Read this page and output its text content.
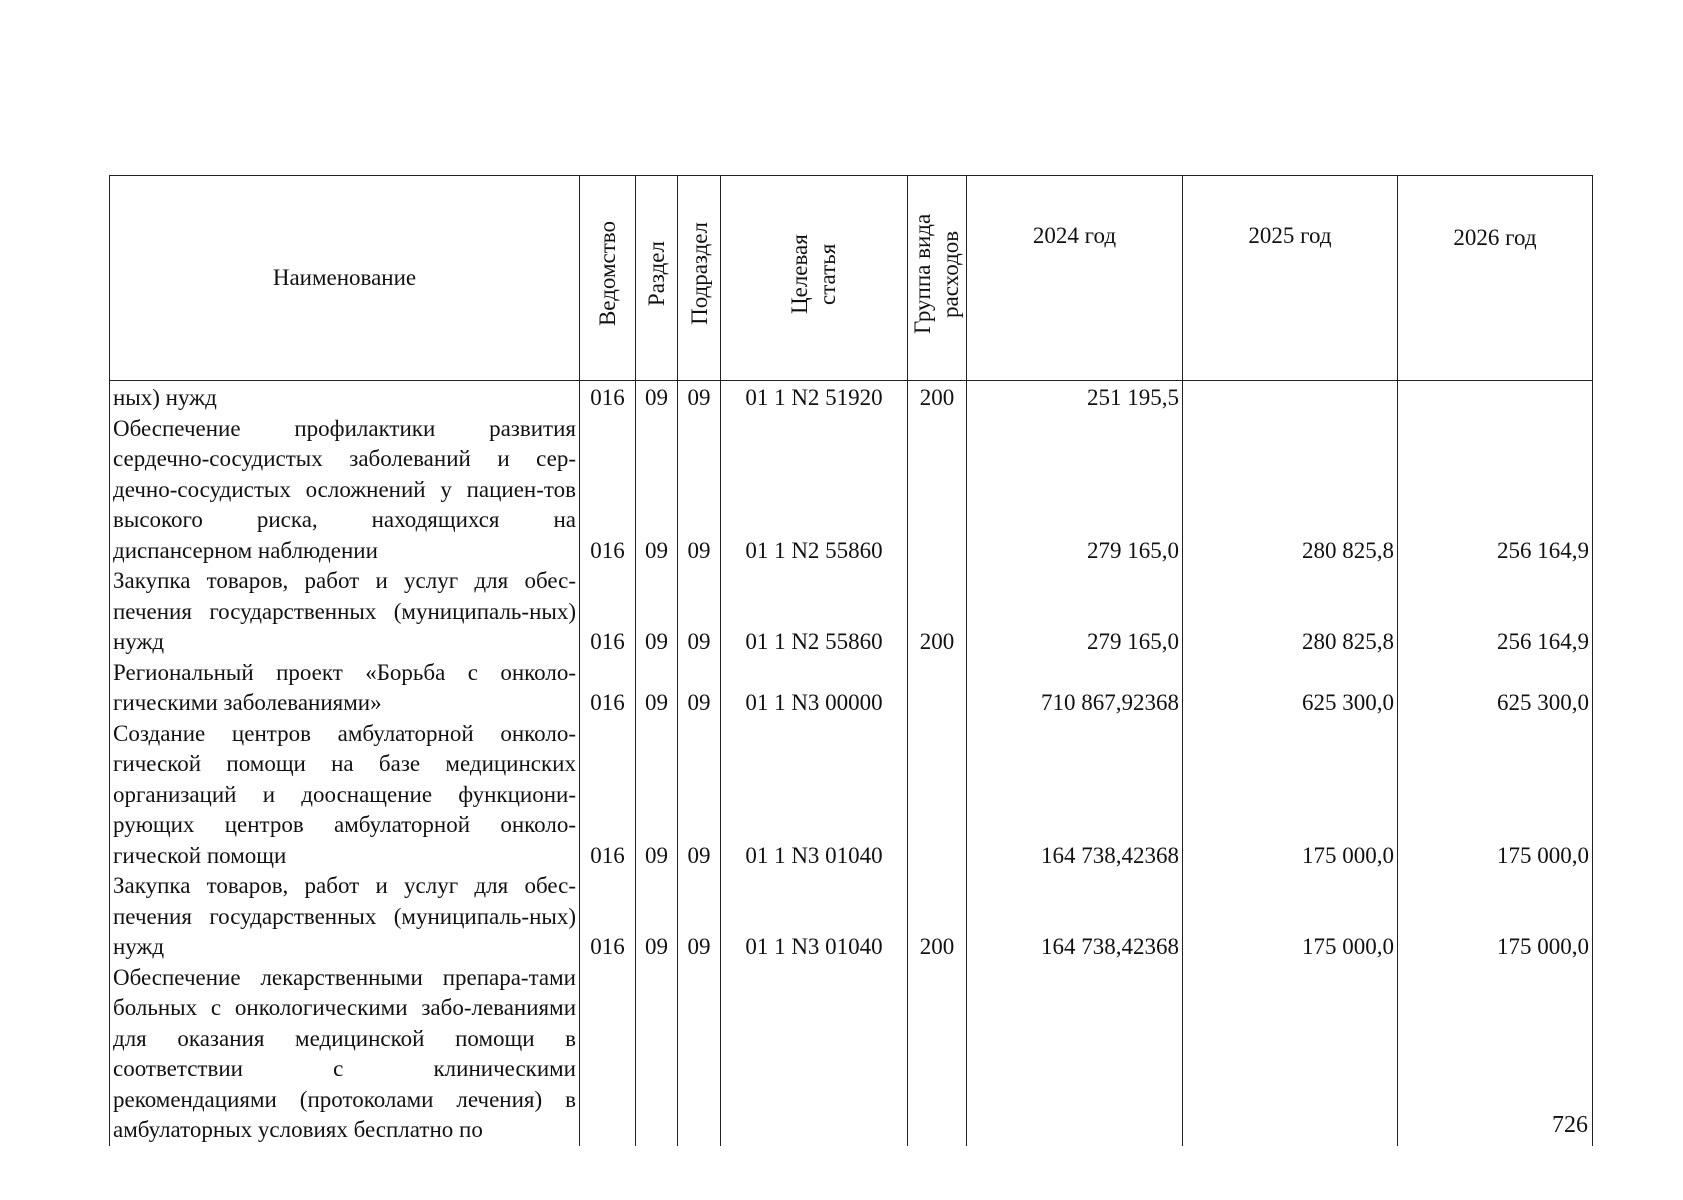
Наименование	Ведомство	Раздел	Подраздел	Целевая статья	Группа вида расходов	2024 год	2025 год	2026 год
ных) нужд	016	09	09	01 1 N2 51920	200	251 195,5		
Обеспечение профилактики развития сердечно-сосудистых заболеваний и сер-дечно-сосудистых осложнений у пациен-тов высокого риска, находящихся на диспансерном наблюдении	016	09	09	01 1 N2 55860		279 165,0	280 825,8	256 164,9
Закупка товаров, работ и услуг для обес-печения государственных (муниципаль-ных) нужд	016	09	09	01 1 N2 55860	200	279 165,0	280 825,8	256 164,9
Региональный проект «Борьба с онколо-гическими заболеваниями»	016	09	09	01 1 N3 00000		710 867,92368	625 300,0	625 300,0
Создание центров амбулаторной онколо-гической помощи на базе медицинских организаций и дооснащение функциони-рующих центров амбулаторной онколо-гической помощи	016	09	09	01 1 N3 01040		164 738,42368	175 000,0	175 000,0
Закупка товаров, работ и услуг для обес-печения государственных (муниципаль-ных) нужд	016	09	09	01 1 N3 01040	200	164 738,42368	175 000,0	175 000,0
Обеспечение лекарственными препара-тами больных с онкологическими забо-леваниями для оказания медицинской помощи в соответствии с клиническими рекомендациями (протоколами лечения) в амбулаторных условиях бесплатно по									726
